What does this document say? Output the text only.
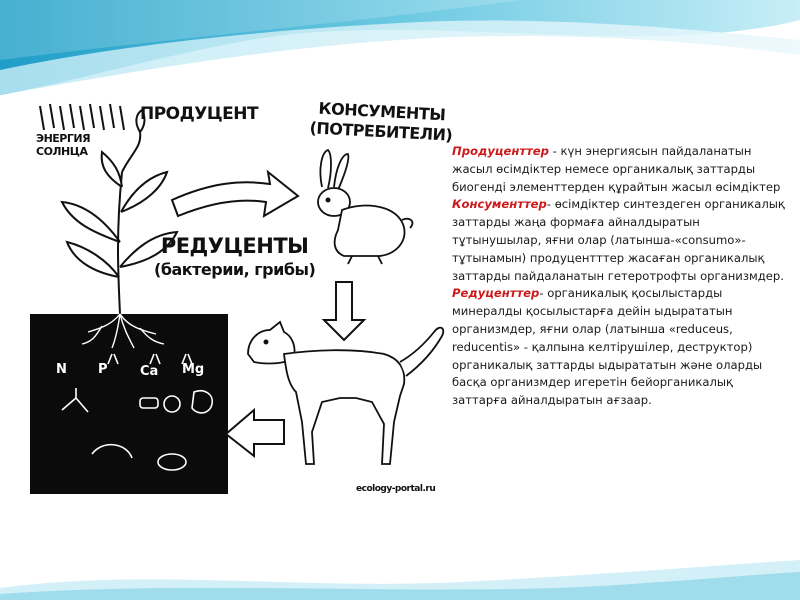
ПРОДУЦЕНТ
ЭНЕРГИЯ
СОЛНЦА
КОНСУМЕНТЫ
(ПОТРЕБИТЕЛИ)
РЕДУЦЕНТЫ
(бактерии, грибы)
N P Ca Mg
ecology-portal.ru

Продуценттер - күн энергиясын пайдаланатын жасыл өсімдіктер немесе органикалық заттарды биогенді элементтерден құрайтын жасыл өсімдіктер

Консументтер- өсімдіктер синтездеген органикалық заттарды жаңа формаға айналдыратын тұтынушылар, яғни олар (латынша-«consumo»-тұтынамын) продуцентттер жасаған органикалық заттарды пайдаланатын гетеротрофты организмдер.

Редуценттер- органикалық қосылыстарды минералды қосылыстарға дейін ыдырататын организмдер, яғни олар (латынша «reduceus, reducentis» - қалпына келтірушілер, деструктор) органикалық заттарды ыдырататын және оларды басқа организмдер игеретін бейорганикалық заттарға айналдыратын ағзаар.
